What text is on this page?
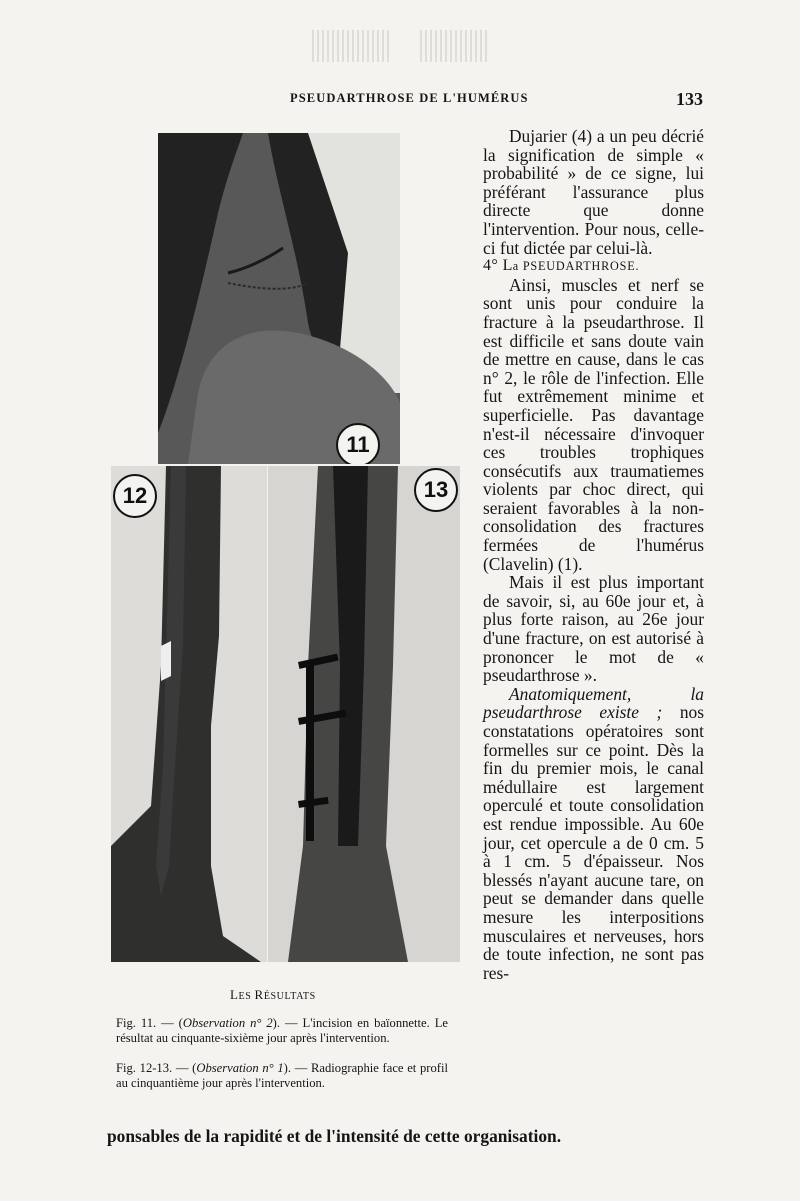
PSEUDARTHROSE DE L'HUMÉRUS	133
11
12	13
LES RÉSULTATS
Fig. 11. — (Observation n° 2). — L'incision en baïonnette. Le résultat au cinquante-sixième jour après l'intervention.
Fig. 12-13. — (Observation n° 1). — Radiographie face et profil au cinquantième jour après l'intervention.

Dujarier (4) a un peu décrié la signification de simple « probabilité » de ce signe, lui préférant l'assurance plus directe que donne l'intervention. Pour nous, celle-ci fut dictée par celui-là.

4° La PSEUDARTHROSE.

Ainsi, muscles et nerf se sont unis pour conduire la fracture à la pseudarthrose. Il est difficile et sans doute vain de mettre en cause, dans le cas n° 2, le rôle de l'infection. Elle fut extrêmement minime et superficielle. Pas davantage n'est-il nécessaire d'invoquer ces troubles trophiques consécutifs aux traumatiemes violents par choc direct, qui seraient favorables à la non-consolidation des fractures fermées de l'humérus (Clavelin) (1).

Mais il est plus important de savoir, si, au 60e jour et, à plus forte raison, au 26e jour d'une fracture, on est autorisé à prononcer le mot de « pseudarthrose ».

Anatomiquement, la pseudarthrose existe ; nos constatations opératoires sont formelles sur ce point. Dès la fin du premier mois, le canal médullaire est largement operculé et toute consolidation est rendue impossible. Au 60e jour, cet opercule a de 0 cm. 5 à 1 cm. 5 d'épaisseur. Nos blessés n'ayant aucune tare, on peut se demander dans quelle mesure les interpositions musculaires et nerveuses, hors de toute infection, ne sont pas res-

ponsables de la rapidité et de l'intensité de cette organisation.
